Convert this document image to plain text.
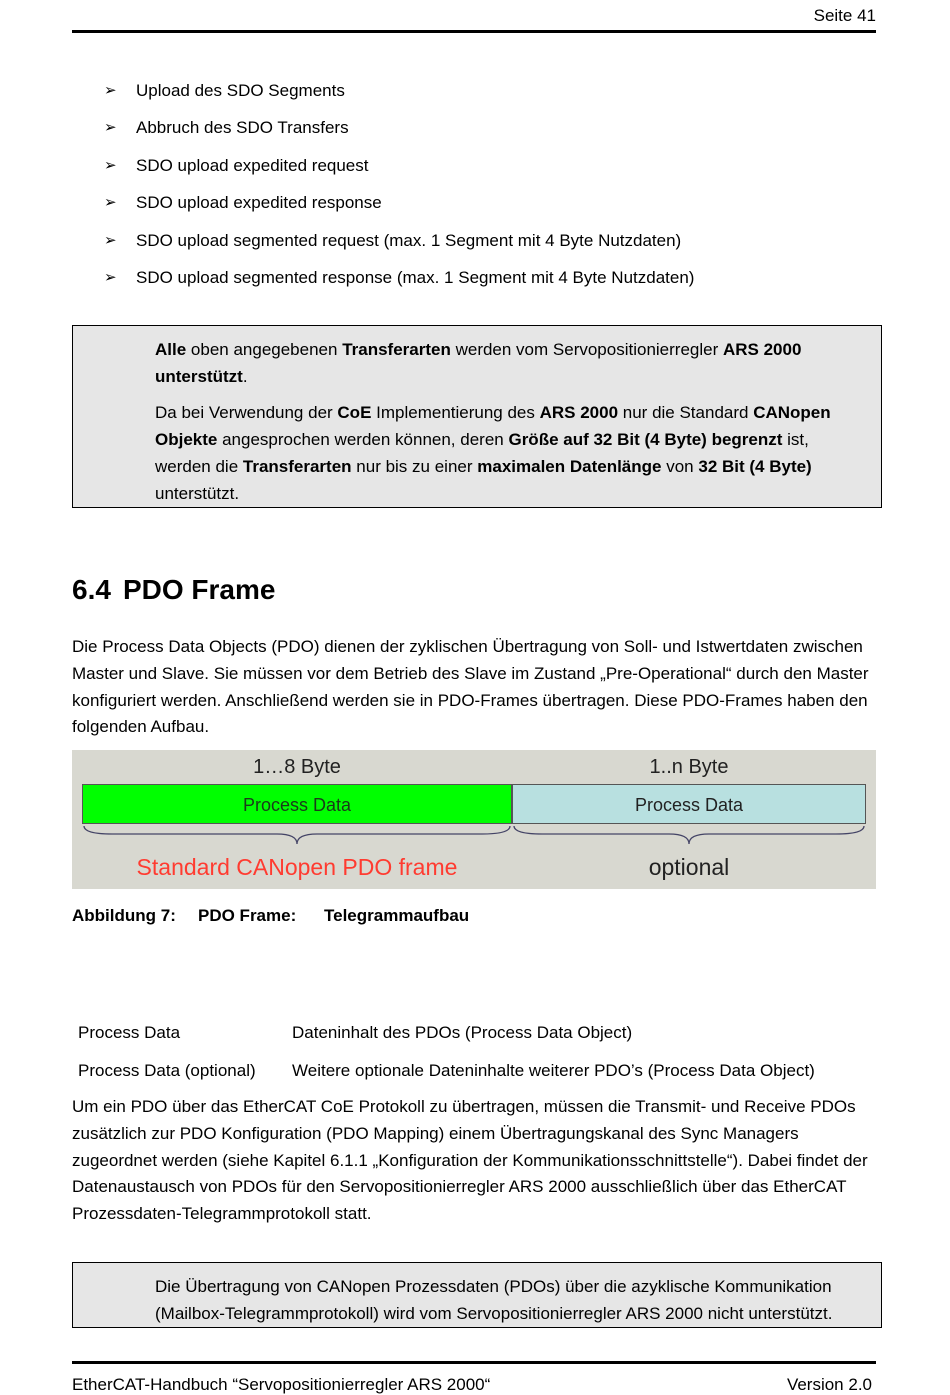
Seite 41
➢	Upload des SDO Segments
➢	Abbruch des SDO Transfers
➢	SDO upload expedited request
➢	SDO upload expedited response
➢	SDO upload segmented request (max. 1 Segment mit 4 Byte Nutzdaten)
➢	SDO upload segmented response (max. 1 Segment mit 4 Byte Nutzdaten)

Alle oben angegebenen Transferarten werden vom Servopositionierregler ARS 2000 unterstützt.

Da bei Verwendung der CoE Implementierung des ARS 2000 nur die Standard CANopen Objekte angesprochen werden können, deren Größe auf 32 Bit (4 Byte) begrenzt ist, werden die Transferarten nur bis zu einer maximalen Datenlänge von 32 Bit (4 Byte) unterstützt.

6.4 PDO Frame

Die Process Data Objects (PDO) dienen der zyklischen Übertragung von Soll- und Istwertdaten zwischen Master und Slave. Sie müssen vor dem Betrieb des Slave im Zustand „Pre-Operational“ durch den Master konfiguriert werden. Anschließend werden sie in PDO-Frames übertragen. Diese PDO-Frames haben den folgenden Aufbau.

1…8 Byte	1..n Byte
Process Data	Process Data
Standard CANopen PDO frame	optional
Abbildung 7:	PDO Frame:	Telegrammaufbau
Process Data	Dateninhalt des PDOs (Process Data Object)
Process Data (optional)	Weitere optionale Dateninhalte weiterer PDO’s (Process Data Object)

Um ein PDO über das EtherCAT CoE Protokoll zu übertragen, müssen die Transmit- und Receive PDOs zusätzlich zur PDO Konfiguration (PDO Mapping) einem Übertragungskanal des Sync Managers zugeordnet werden (siehe Kapitel 6.1.1 „Konfiguration der Kommunikationsschnittstelle“). Dabei findet der Datenaustausch von PDOs für den Servopositionierregler ARS 2000 ausschließlich über das EtherCAT Prozessdaten-Telegrammprotokoll statt.

Die Übertragung von CANopen Prozessdaten (PDOs) über die azyklische Kommunikation (Mailbox-Telegrammprotokoll) wird vom Servopositionierregler ARS 2000 nicht unterstützt.

EtherCAT-Handbuch “Servopositionierregler ARS 2000“	Version 2.0
